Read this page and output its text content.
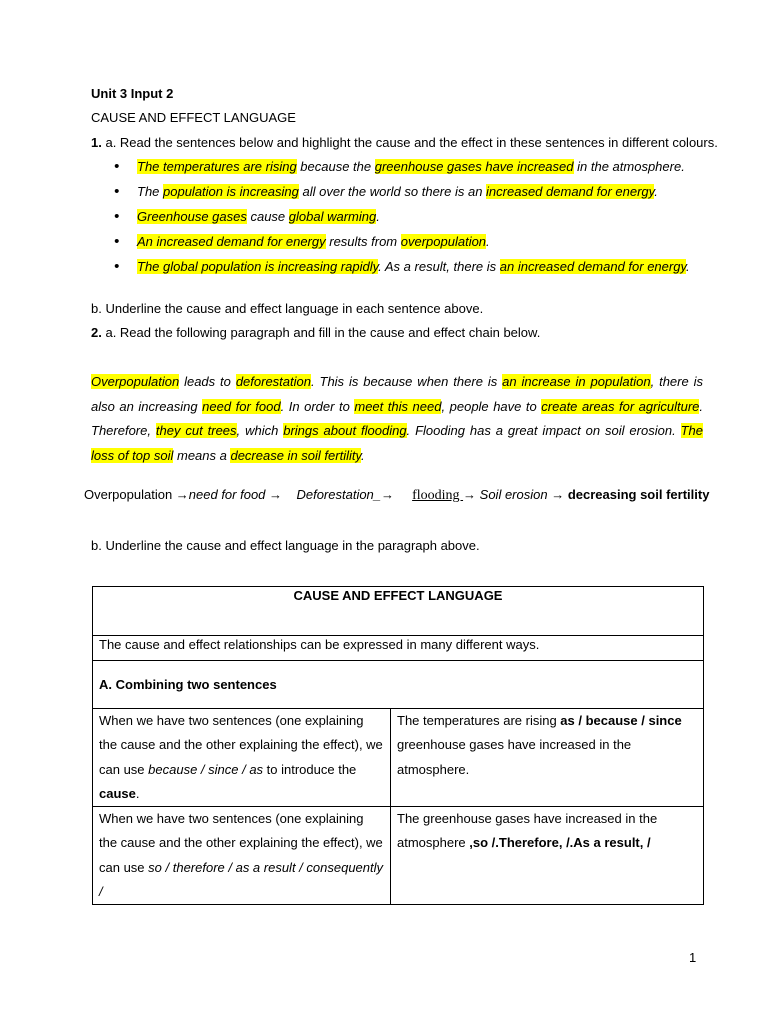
Unit 3 Input 2
CAUSE AND EFFECT LANGUAGE
1. a. Read the sentences below and highlight the cause and the effect in these sentences in different colours.
• The temperatures are rising because the greenhouse gases have increased in the atmosphere.
• The population is increasing all over the world so there is an increased demand for energy.
• Greenhouse gases cause global warming.
• An increased demand for energy results from overpopulation.
• The global population is increasing rapidly. As a result, there is an increased demand for energy.
b. Underline the cause and effect language in each sentence above.
2. a. Read the following paragraph and fill in the cause and effect chain below.
Overpopulation leads to deforestation. This is because when there is an increase in population, there is also an increasing need for food. In order to meet this need, people have to create areas for agriculture. Therefore, they cut trees, which brings about flooding. Flooding has a great impact on soil erosion. The loss of top soil means a decrease in soil fertility.
Overpopulation →need for food → Deforestation_→ flooding → Soil erosion → decreasing soil fertility
b. Underline the cause and effect language in the paragraph above.
CAUSE AND EFFECT LANGUAGE	
The cause and effect relationships can be expressed in many different ways.	
A. Combining two sentences	
When we have two sentences (one explaining the cause and the other explaining the effect), we can use because / since / as to introduce the cause.	The temperatures are rising as / because / since greenhouse gases have increased in the atmosphere.
When we have two sentences (one explaining the cause and the other explaining the effect), we can use so / therefore / as a result / consequently /	The greenhouse gases have increased in the atmosphere ,so /.Therefore, /.As a result, /
1
